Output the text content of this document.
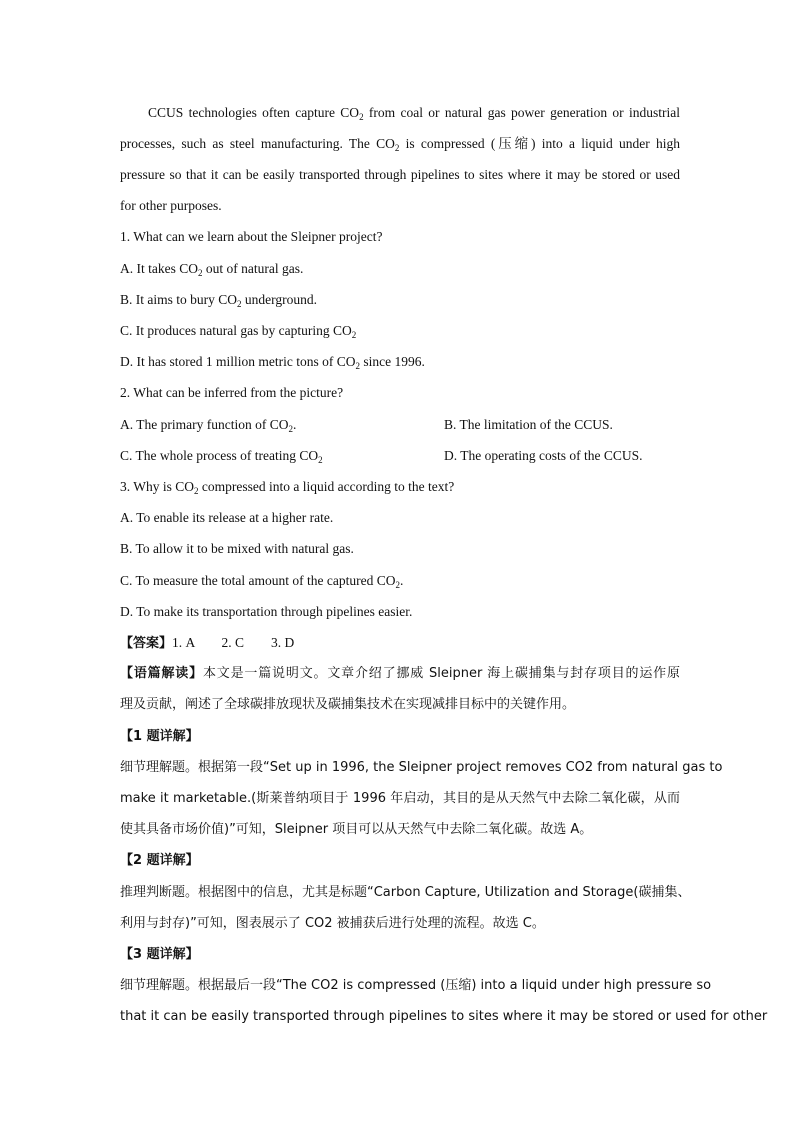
CCUS technologies often capture $CO_2$ from coal or natural gas power generation or industrial
processes, such as steel manufacturing. The $CO_2$ is compressed (压缩) into a liquid under high
pressure so that it can be easily transported through pipelines to sites where it may be stored or used
for other purposes.
1. What can we learn about the Sleipner project?
A. It takes $CO_2$ out of natural gas.
B. It aims to bury $CO_2$ underground.
C. It produces natural gas by capturing $CO_2$
D. It has stored 1 million metric tons of $CO_2$ since 1996.
2. What can be inferred from the picture?
A. The primary function of $CO_2$.	B. The limitation of the CCUS.
C. The whole process of treating $CO_2$	D. The operating costs of the CCUS.
3. Why is $CO_2$ compressed into a liquid according to the text?
A. To enable its release at a higher rate.
B. To allow it to be mixed with natural gas.
C. To measure the total amount of the captured $CO_2$.
D. To make its transportation through pipelines easier.
【答案】1. A        2. C        3. D
【语篇解读】本文是一篇说明文。文章介绍了挪威 Sleipner 海上碳捕集与封存项目的运作原
理及贡献，阐述了全球碳排放现状及碳捕集技术在实现减排目标中的关键作用。
【1 题详解】
细节理解题。根据第一段“Set up in 1996, the Sleipner project removes CO2 from natural gas to
make it marketable.(斯莱普纳项目于 1996 年启动，其目的是从天然气中去除二氧化碳，从而
使其具备市场价值)”可知，Sleipner 项目可以从天然气中去除二氧化碳。故选 A。
【2 题详解】
推理判断题。根据图中的信息，尤其是标题“Carbon Capture, Utilization and Storage(碳捕集、
利用与封存)”可知，图表展示了 CO2 被捕获后进行处理的流程。故选 C。
【3 题详解】
细节理解题。根据最后一段“The CO2 is compressed (压缩) into a liquid under high pressure so
that it can be easily transported through pipelines to sites where it may be stored or used for other
